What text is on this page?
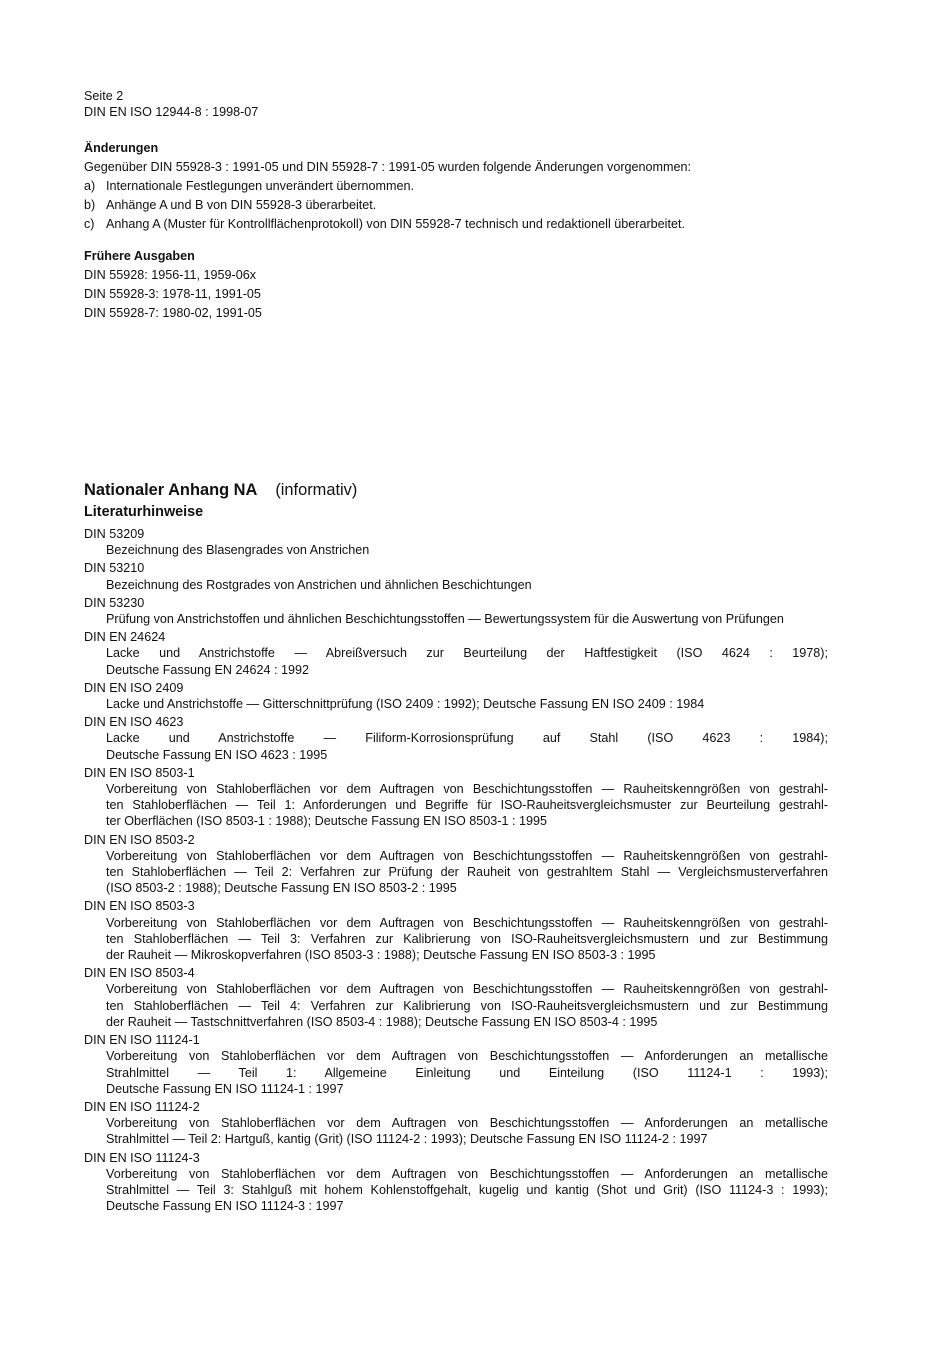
Seite 2
DIN EN ISO 12944-8 : 1998-07
Änderungen
Gegenüber DIN 55928-3 : 1991-05 und DIN 55928-7 : 1991-05 wurden folgende Änderungen vorgenommen:
a) Internationale Festlegungen unverändert übernommen.
b) Anhänge A und B von DIN 55928-3 überarbeitet.
c) Anhang A (Muster für Kontrollflächenprotokoll) von DIN 55928-7 technisch und redaktionell überarbeitet.
Frühere Ausgaben
DIN 55928: 1956-11, 1959-06x
DIN 55928-3: 1978-11, 1991-05
DIN 55928-7: 1980-02, 1991-05
Nationaler Anhang NA (informativ)
Literaturhinweise
DIN 53209
Bezeichnung des Blasengrades von Anstrichen
DIN 53210
Bezeichnung des Rostgrades von Anstrichen und ähnlichen Beschichtungen
DIN 53230
Prüfung von Anstrichstoffen und ähnlichen Beschichtungsstoffen — Bewertungssystem für die Auswertung von Prüfungen
DIN EN 24624
Lacke und Anstrichstoffe — Abreißversuch zur Beurteilung der Haftfestigkeit (ISO 4624 : 1978);
Deutsche Fassung EN 24624 : 1992
DIN EN ISO 2409
Lacke und Anstrichstoffe — Gitterschnittprüfung (ISO 2409 : 1992); Deutsche Fassung EN ISO 2409 : 1984
DIN EN ISO 4623
Lacke und Anstrichstoffe — Filiform-Korrosionsprüfung auf Stahl (ISO 4623 : 1984);
Deutsche Fassung EN ISO 4623 : 1995
DIN EN ISO 8503-1
Vorbereitung von Stahloberflächen vor dem Auftragen von Beschichtungsstoffen — Rauheitskenngrößen von gestrahl-
ten Stahloberflächen — Teil 1: Anforderungen und Begriffe für ISO-Rauheitsvergleichsmuster zur Beurteilung gestrahl-
ter Oberflächen (ISO 8503-1 : 1988); Deutsche Fassung EN ISO 8503-1 : 1995
DIN EN ISO 8503-2
Vorbereitung von Stahloberflächen vor dem Auftragen von Beschichtungsstoffen — Rauheitskenngrößen von gestrahl-
ten Stahloberflächen — Teil 2: Verfahren zur Prüfung der Rauheit von gestrahltem Stahl — Vergleichsmusterverfahren
(ISO 8503-2 : 1988); Deutsche Fassung EN ISO 8503-2 : 1995
DIN EN ISO 8503-3
Vorbereitung von Stahloberflächen vor dem Auftragen von Beschichtungsstoffen — Rauheitskenngrößen von gestrahl-
ten Stahloberflächen — Teil 3: Verfahren zur Kalibrierung von ISO-Rauheitsvergleichsmustern und zur Bestimmung
der Rauheit — Mikroskopverfahren (ISO 8503-3 : 1988); Deutsche Fassung EN ISO 8503-3 : 1995
DIN EN ISO 8503-4
Vorbereitung von Stahloberflächen vor dem Auftragen von Beschichtungsstoffen — Rauheitskenngrößen von gestrahl-
ten Stahloberflächen — Teil 4: Verfahren zur Kalibrierung von ISO-Rauheitsvergleichsmustern und zur Bestimmung
der Rauheit — Tastschnittverfahren (ISO 8503-4 : 1988); Deutsche Fassung EN ISO 8503-4 : 1995
DIN EN ISO 11124-1
Vorbereitung von Stahloberflächen vor dem Auftragen von Beschichtungsstoffen — Anforderungen an metallische
Strahlmittel — Teil 1: Allgemeine Einleitung und Einteilung (ISO 11124-1 : 1993);
Deutsche Fassung EN ISO 11124-1 : 1997
DIN EN ISO 11124-2
Vorbereitung von Stahloberflächen vor dem Auftragen von Beschichtungsstoffen — Anforderungen an metallische
Strahlmittel — Teil 2: Hartguß, kantig (Grit) (ISO 11124-2 : 1993); Deutsche Fassung EN ISO 11124-2 : 1997
DIN EN ISO 11124-3
Vorbereitung von Stahloberflächen vor dem Auftragen von Beschichtungsstoffen — Anforderungen an metallische
Strahlmittel — Teil 3: Stahlguß mit hohem Kohlenstoffgehalt, kugelig und kantig (Shot und Grit) (ISO 11124-3 : 1993);
Deutsche Fassung EN ISO 11124-3 : 1997
